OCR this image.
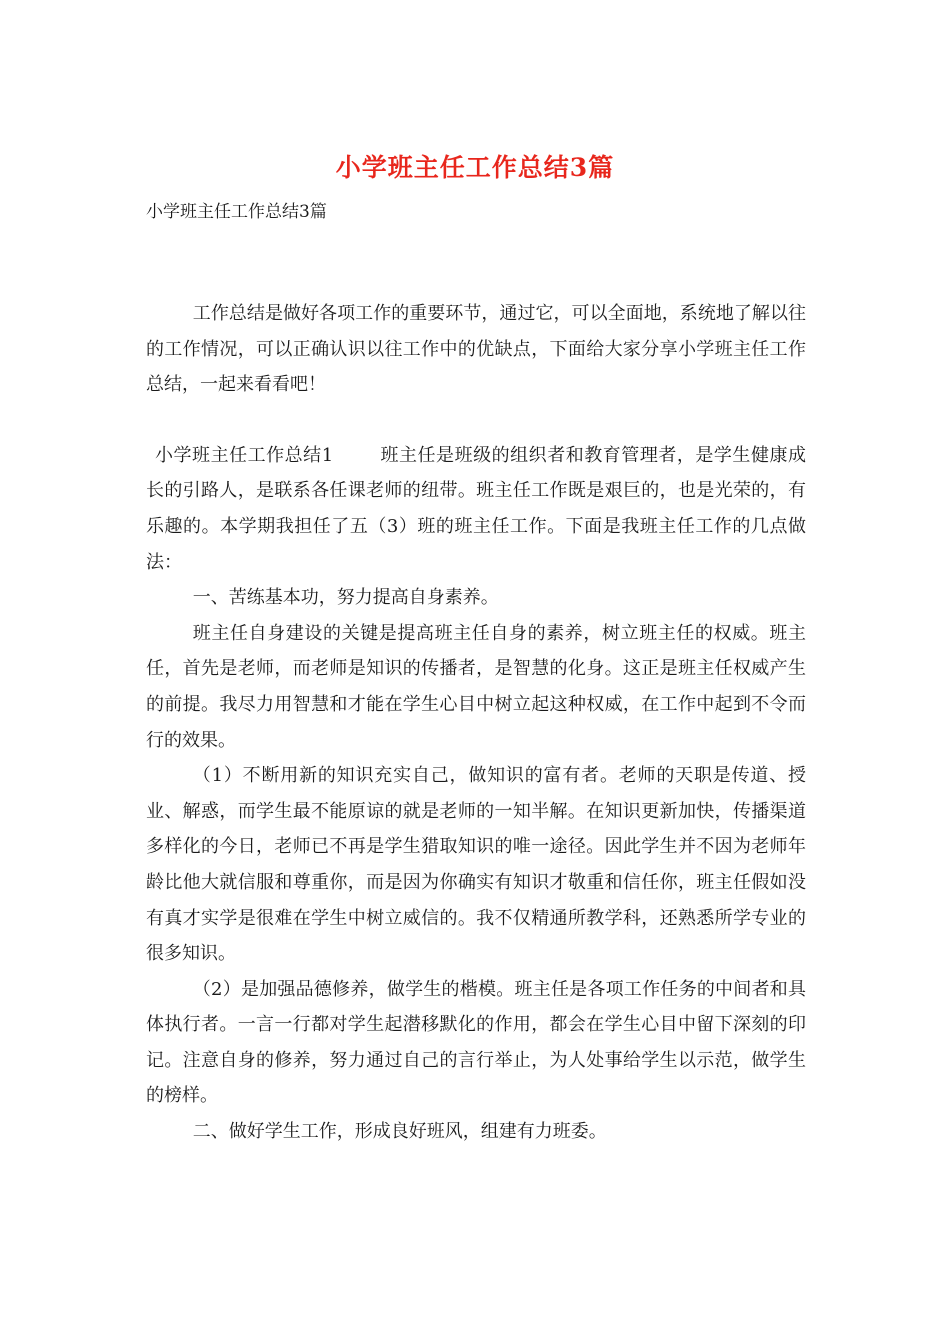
小学班主任工作总结3篇

小学班主任工作总结3篇

工作总结是做好各项工作的重要环节，通过它，可以全面地，系统地了解以往的工作情况，可以正确认识以往工作中的优缺点，下面给大家分享小学班主任工作总结，一起来看看吧！

小学班主任工作总结1	班主任是班级的组织者和教育管理者，是学生健康成长的引路人，是联系各任课老师的纽带。班主任工作既是艰巨的，也是光荣的，有乐趣的。本学期我担任了五（3）班的班主任工作。下面是我班主任工作的几点做法：

一、苦练基本功，努力提高自身素养。

班主任自身建设的关键是提高班主任自身的素养，树立班主任的权威。班主任，首先是老师，而老师是知识的传播者，是智慧的化身。这正是班主任权威产生的前提。我尽力用智慧和才能在学生心目中树立起这种权威，在工作中起到不令而行的效果。

（1）不断用新的知识充实自己，做知识的富有者。老师的天职是传道、授业、解惑，而学生最不能原谅的就是老师的一知半解。在知识更新加快，传播渠道多样化的今日，老师已不再是学生猎取知识的唯一途径。因此学生并不因为老师年龄比他大就信服和尊重你，而是因为你确实有知识才敬重和信任你，班主任假如没有真才实学是很难在学生中树立威信的。我不仅精通所教学科，还熟悉所学专业的很多知识。

（2）是加强品德修养，做学生的楷模。班主任是各项工作任务的中间者和具体执行者。一言一行都对学生起潜移默化的作用，都会在学生心目中留下深刻的印记。注意自身的修养，努力通过自己的言行举止，为人处事给学生以示范，做学生的榜样。

二、做好学生工作，形成良好班风，组建有力班委。
